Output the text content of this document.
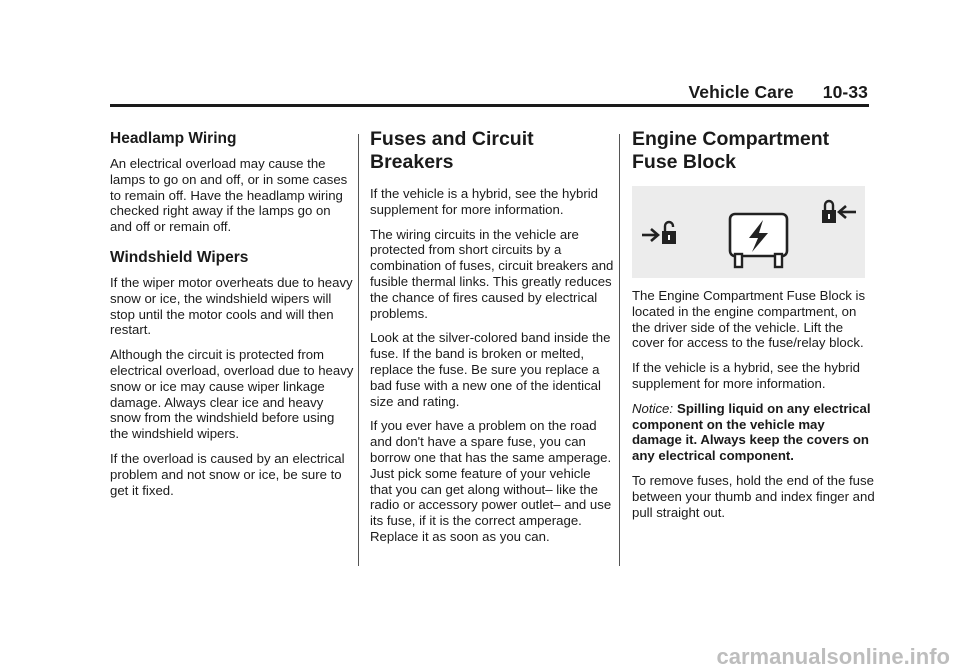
Vehicle Care 10-33
Headlamp Wiring

An electrical overload may cause the lamps to go on and off, or in some cases to remain off. Have the headlamp wiring checked right away if the lamps go on and off or remain off.

Windshield Wipers

If the wiper motor overheats due to heavy snow or ice, the windshield wipers will stop until the motor cools and will then restart.

Although the circuit is protected from electrical overload, overload due to heavy snow or ice may cause wiper linkage damage. Always clear ice and heavy snow from the windshield before using the windshield wipers.

If the overload is caused by an electrical problem and not snow or ice, be sure to get it fixed.

Fuses and Circuit Breakers

If the vehicle is a hybrid, see the hybrid supplement for more information.

The wiring circuits in the vehicle are protected from short circuits by a combination of fuses, circuit breakers and fusible thermal links. This greatly reduces the chance of fires caused by electrical problems.

Look at the silver-colored band inside the fuse. If the band is broken or melted, replace the fuse. Be sure you replace a bad fuse with a new one of the identical size and rating.

If you ever have a problem on the road and don't have a spare fuse, you can borrow one that has the same amperage. Just pick some feature of your vehicle that you can get along without– like the radio or accessory power outlet– and use its fuse, if it is the correct amperage. Replace it as soon as you can.

Engine Compartment Fuse Block

The Engine Compartment Fuse Block is located in the engine compartment, on the driver side of the vehicle. Lift the cover for access to the fuse/relay block.

If the vehicle is a hybrid, see the hybrid supplement for more information.

Notice: Spilling liquid on any electrical component on the vehicle may damage it. Always keep the covers on any electrical component.

To remove fuses, hold the end of the fuse between your thumb and index finger and pull straight out.

carmanualsonline.info
